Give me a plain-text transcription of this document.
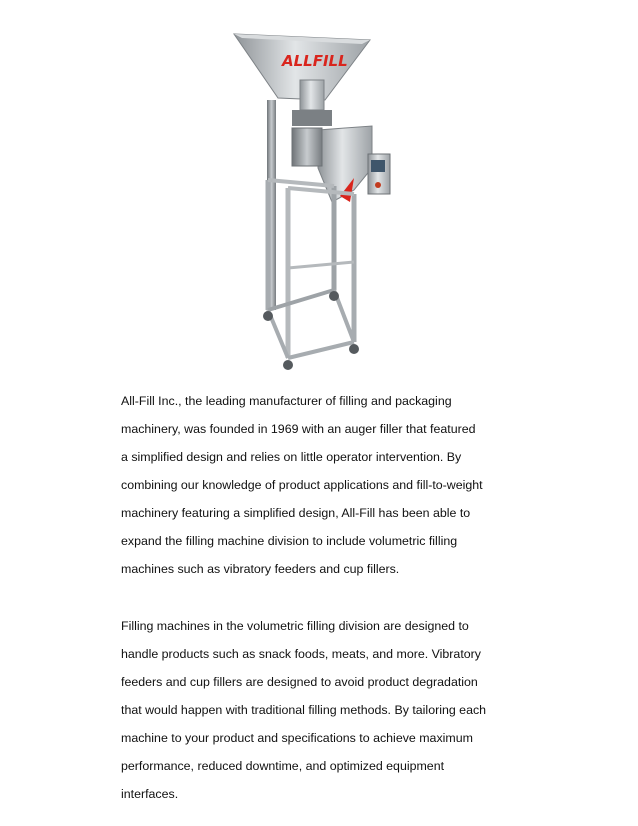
ALLFILL
All-Fill Inc., the leading manufacturer of filling and packaging
machinery, was founded in 1969 with an auger filler that featured
a simplified design and relies on little operator intervention. By
combining our knowledge of product applications and fill-to-weight
machinery featuring a simplified design, All-Fill has been able to
expand the filling machine division to include volumetric filling
machines such as vibratory feeders and cup fillers.
Filling machines in the volumetric filling division are designed to
handle products such as snack foods, meats, and more. Vibratory
feeders and cup fillers are designed to avoid product degradation
that would happen with traditional filling methods. By tailoring each
machine to your product and specifications to achieve maximum
performance, reduced downtime, and optimized equipment
interfaces.
